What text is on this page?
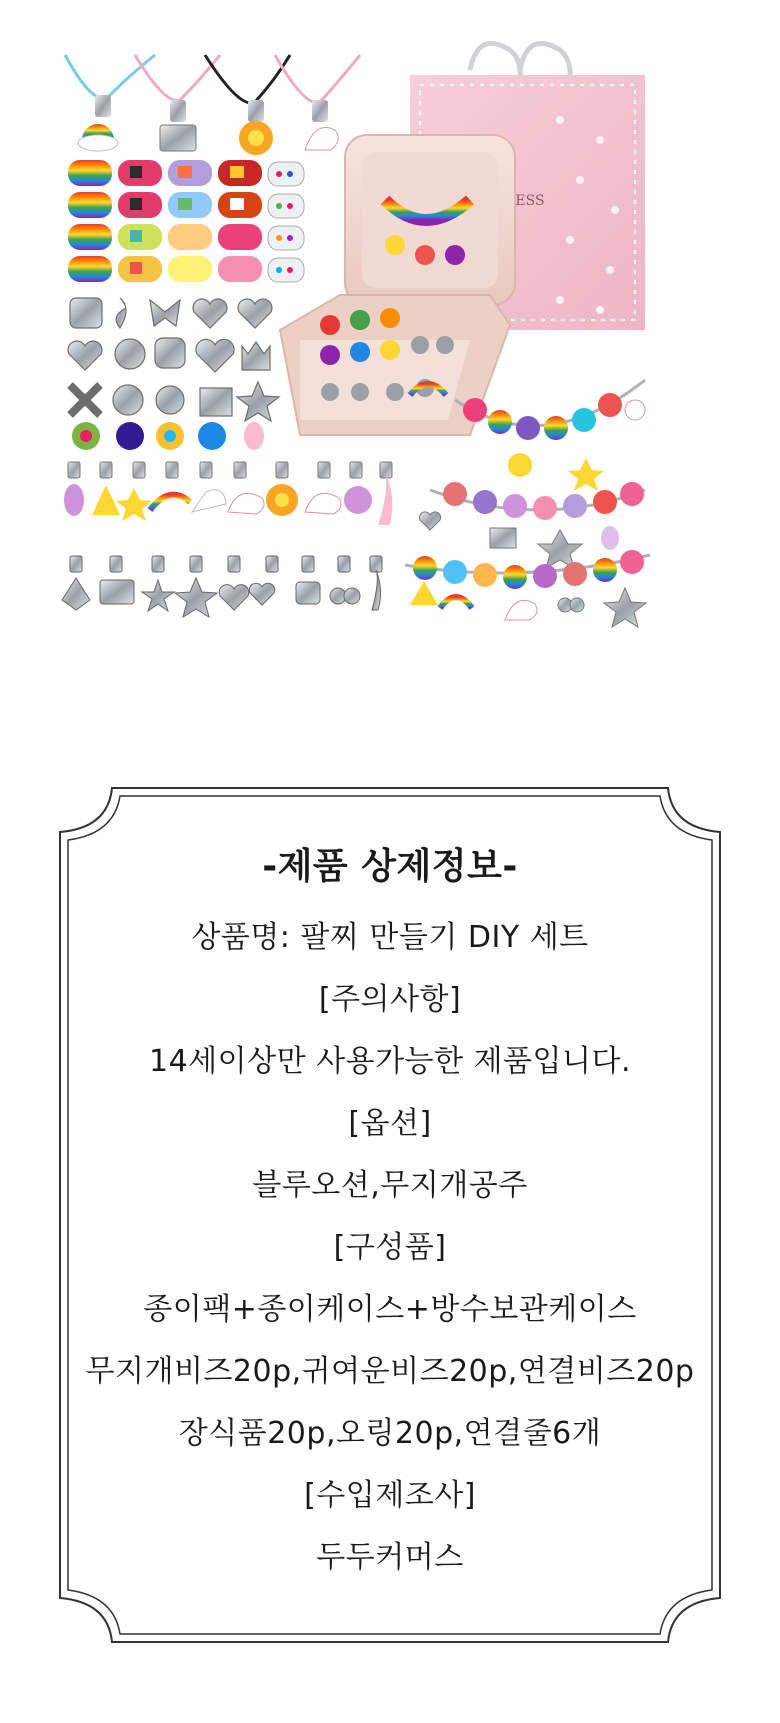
ESS
-제품 상제정보-
상품명: 팔찌 만들기 DIY 세트
[주의사항]
14세이상만 사용가능한 제품입니다.
[옵션]
블루오션,무지개공주
[구성품]
종이팩+종이케이스+방수보관케이스
무지개비즈20p,귀여운비즈20p,연결비즈20p
장식품20p,오링20p,연결줄6개
[수입제조사]
두두커머스
